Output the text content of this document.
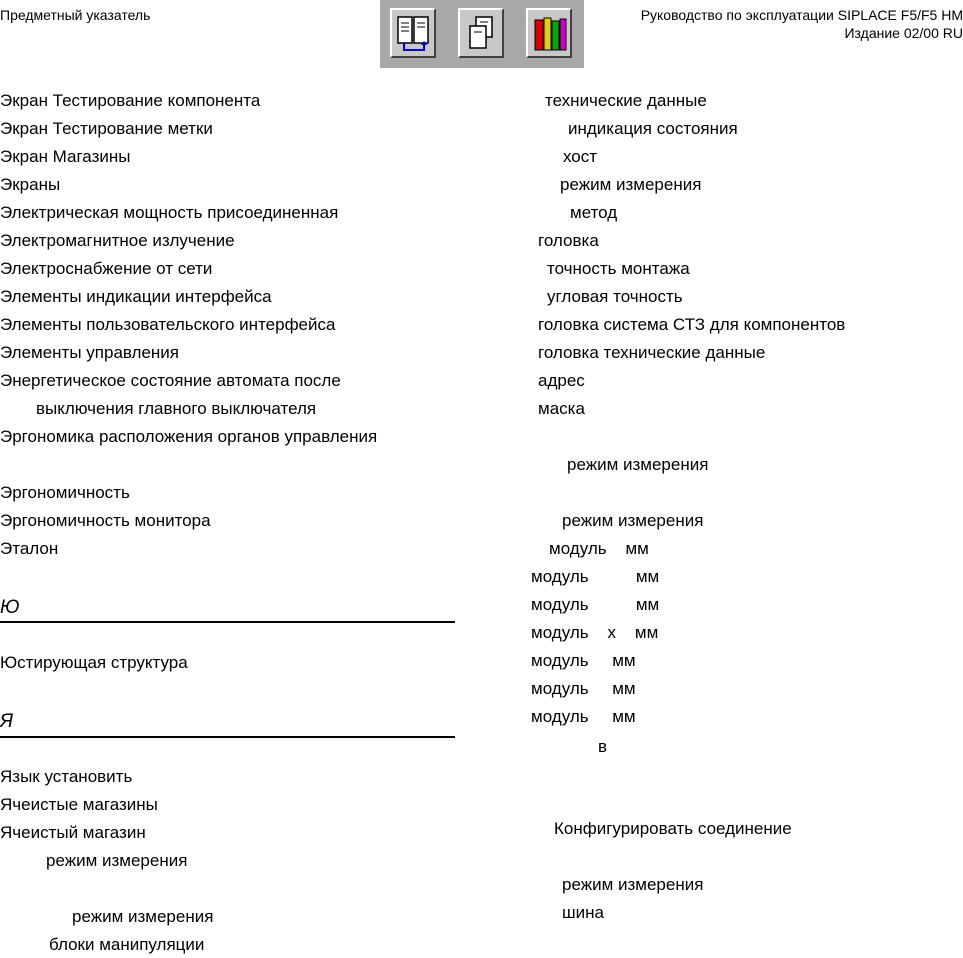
Предметный указатель	Руководство по эксплуатации SIPLACE F5/F5 HM
Издание 02/00 RU
Экран Тестирование компонента
Экран Тестирование метки
Экран Магазины
Экраны
Электрическая мощность присоединенная
Электромагнитное излучение
Электроснабжение от сети
Элементы индикации интерфейса
Элементы пользовательского интерфейса
Элементы управления
Энергетическое состояние автомата после
выключения главного выключателя
Эргономика расположения органов управления
Эргономичность
Эргономичность монитора
Эталон
Ю
Юстирующая структура
Я
Язык установить
Ячеистые магазины
Ячеистый магазин
режим измерения
режим измерения
блоки манипуляции
технические данные
индикация состояния
хост
режим измерения
метод
головка
точность монтажа
угловая точность
головка система СТЗ для компонентов
головка технические данные
адрес
маска
режим измерения
режим измерения
модуль    мм
модуль          мм
модуль          мм
модуль    х    мм
модуль     мм
модуль     мм
модуль     мм
в
Конфигурировать соединение
режим измерения
шина
